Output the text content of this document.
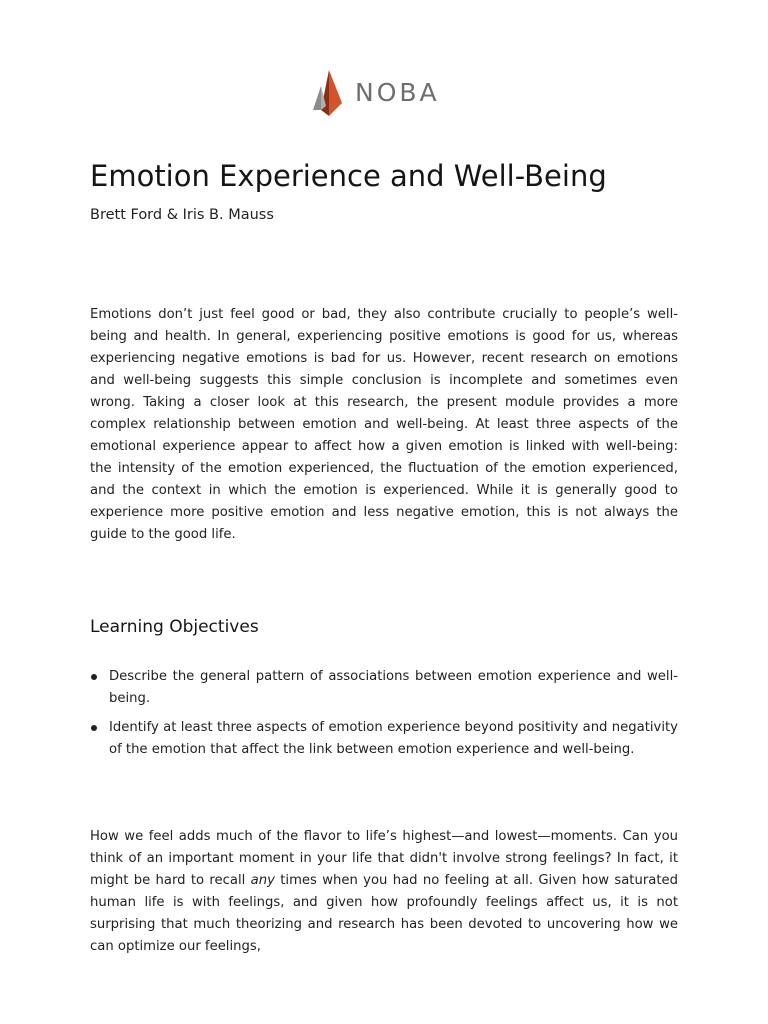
NOBA
Emotion Experience and Well-Being

Brett Ford & Iris B. Mauss

Emotions don’t just feel good or bad, they also contribute crucially to people’s well-being and health. In general, experiencing positive emotions is good for us, whereas experiencing negative emotions is bad for us. However, recent research on emotions and well-being suggests this simple conclusion is incomplete and sometimes even wrong. Taking a closer look at this research, the present module provides a more complex relationship between emotion and well-being. At least three aspects of the emotional experience appear to affect how a given emotion is linked with well-being: the intensity of the emotion experienced, the fluctuation of the emotion experienced, and the context in which the emotion is experienced. While it is generally good to experience more positive emotion and less negative emotion, this is not always the guide to the good life.

Learning Objectives
Describe the general pattern of associations between emotion experience and well-being.
Identify at least three aspects of emotion experience beyond positivity and negativity of the emotion that affect the link between emotion experience and well-being.

How we feel adds much of the flavor to life’s highest—and lowest—moments. Can you think of an important moment in your life that didn't involve strong feelings? In fact, it might be hard to recall any times when you had no feeling at all. Given how saturated human life is with feelings, and given how profoundly feelings affect us, it is not surprising that much theorizing and research has been devoted to uncovering how we can optimize our feelings,
